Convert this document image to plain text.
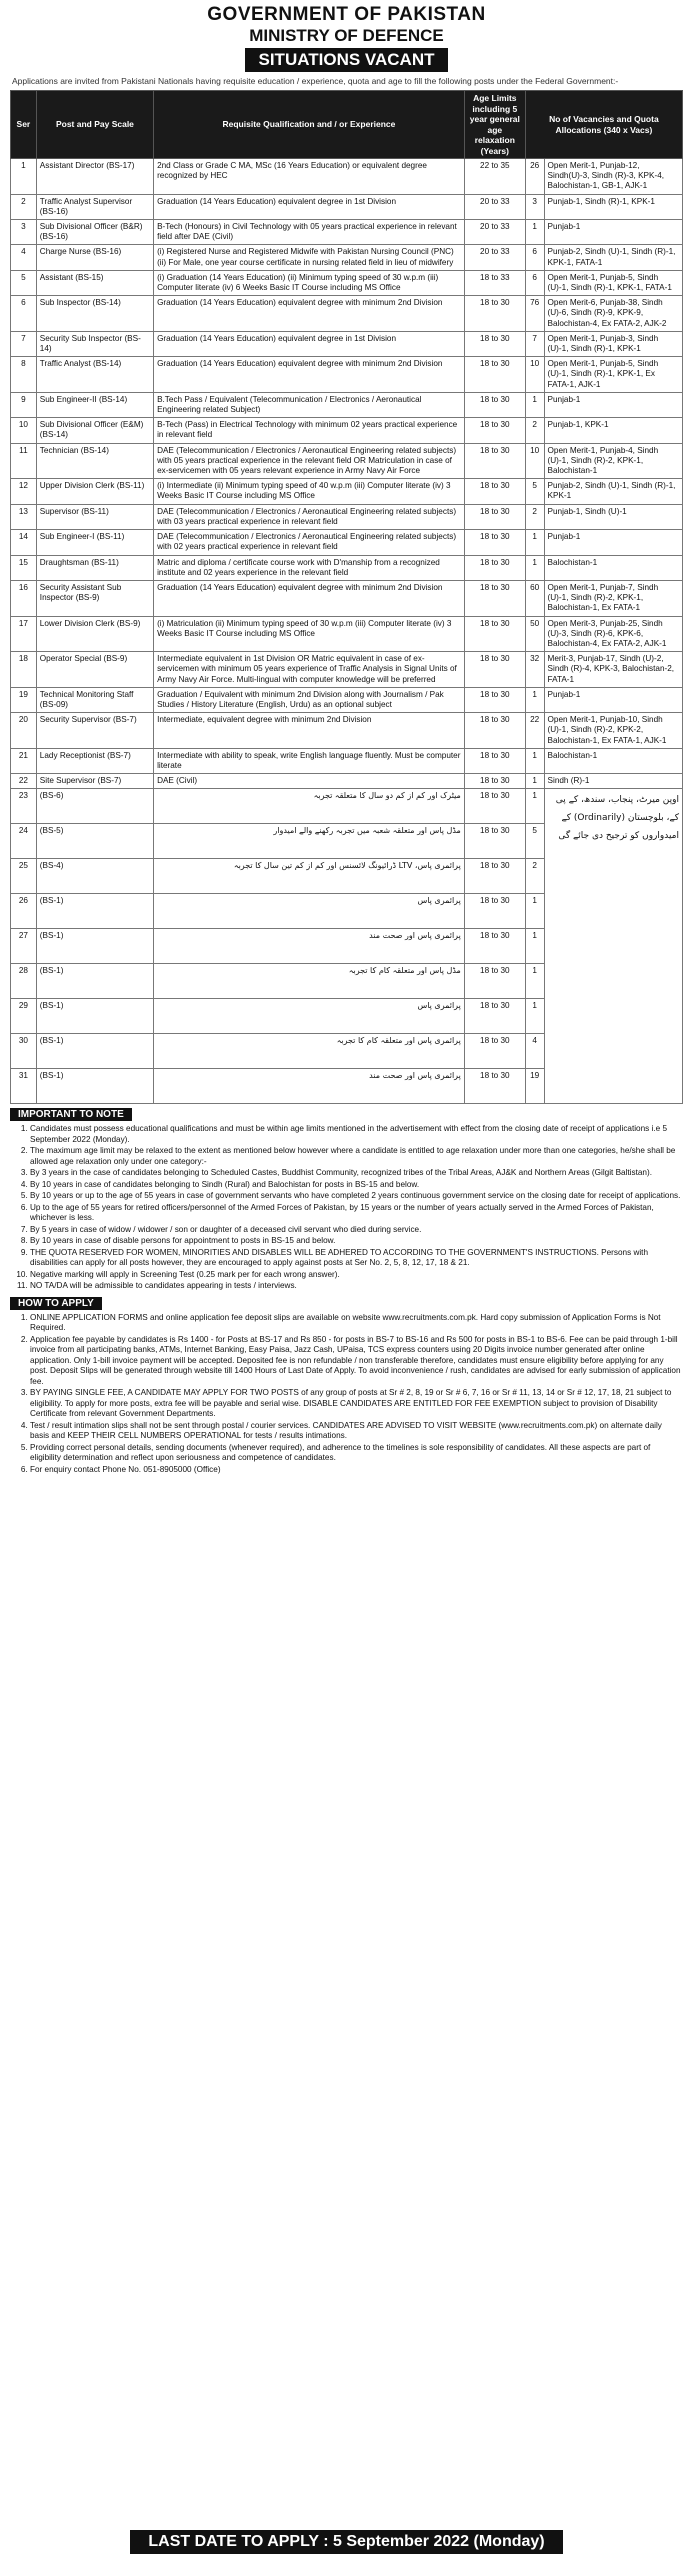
GOVERNMENT OF PAKISTAN
MINISTRY OF DEFENCE
SITUATIONS VACANT
Applications are invited from Pakistani Nationals having requisite education / experience, quota and age to fill the following posts under the Federal Government:-
Ser	Post and Pay Scale	Requisite Qualification and / or Experience	Age Limits including 5 year general age relaxation (Years)	No of Vacancies and Quota Allocations (340 x Vacs)	
1	Assistant Director (BS-17)	2nd Class or Grade C MA, MSc (16 Years Education) or equivalent degree recognized by HEC	22 to 35	26	Open Merit-1, Punjab-12, Sindh(U)-3, Sindh (R)-3, KPK-4, Balochistan-1, GB-1, AJK-1
2	Traffic Analyst Supervisor (BS-16)	Graduation (14 Years Education) equivalent degree in 1st Division	20 to 33	3	Punjab-1, Sindh (R)-1, KPK-1
3	Sub Divisional Officer (B&R) (BS-16)	B-Tech (Honours) in Civil Technology with 05 years practical experience in relevant field after DAE (Civil)	20 to 33	1	Punjab-1
4	Charge Nurse (BS-16)	(i) Registered Nurse and Registered Midwife with Pakistan Nursing Council (PNC) (ii) For Male, one year course certificate in nursing related field in lieu of midwifery	20 to 33	6	Punjab-2, Sindh (U)-1, Sindh (R)-1, KPK-1, FATA-1
5	Assistant (BS-15)	(i) Graduation (14 Years Education) (ii) Minimum typing speed of 30 w.p.m (iii) Computer literate (iv) 6 Weeks Basic IT Course including MS Office	18 to 33	6	Open Merit-1, Punjab-5, Sindh (U)-1, Sindh (R)-1, KPK-1, FATA-1
6	Sub Inspector (BS-14)	Graduation (14 Years Education) equivalent degree with minimum 2nd Division	18 to 30	76	Open Merit-6, Punjab-38, Sindh (U)-6, Sindh (R)-9, KPK-9, Balochistan-4, Ex FATA-2, AJK-2
7	Security Sub Inspector (BS-14)	Graduation (14 Years Education) equivalent degree in 1st Division	18 to 30	7	Open Merit-1, Punjab-3, Sindh (U)-1, Sindh (R)-1, KPK-1
8	Traffic Analyst (BS-14)	Graduation (14 Years Education) equivalent degree with minimum 2nd Division	18 to 30	10	Open Merit-1, Punjab-5, Sindh (U)-1, Sindh (R)-1, KPK-1, Ex FATA-1, AJK-1
9	Sub Engineer-II (BS-14)	B.Tech Pass / Equivalent (Telecommunication / Electronics / Aeronautical Engineering related Subject)	18 to 30	1	Punjab-1
10	Sub Divisional Officer (E&M) (BS-14)	B-Tech (Pass) in Electrical Technology with minimum 02 years practical experience in relevant field	18 to 30	2	Punjab-1, KPK-1
11	Technician (BS-14)	DAE (Telecommunication / Electronics / Aeronautical Engineering related subjects) with 05 years practical experience in the relevant field OR Matriculation in case of ex-servicemen with 05 years relevant experience in Army Navy Air Force	18 to 30	10	Open Merit-1, Punjab-4, Sindh (U)-1, Sindh (R)-2, KPK-1, Balochistan-1
12	Upper Division Clerk (BS-11)	(i) Intermediate (ii) Minimum typing speed of 40 w.p.m (iii) Computer literate (iv) 3 Weeks Basic IT Course including MS Office	18 to 30	5	Punjab-2, Sindh (U)-1, Sindh (R)-1, KPK-1
13	Supervisor (BS-11)	DAE (Telecommunication / Electronics / Aeronautical Engineering related subjects) with 03 years practical experience in relevant field	18 to 30	2	Punjab-1, Sindh (U)-1
14	Sub Engineer-I (BS-11)	DAE (Telecommunication / Electronics / Aeronautical Engineering related subjects) with 02 years practical experience in relevant field	18 to 30	1	Punjab-1
15	Draughtsman (BS-11)	Matric and diploma / certificate course work with D'manship from a recognized institute and 02 years experience in the relevant field	18 to 30	1	Balochistan-1
16	Security Assistant Sub Inspector (BS-9)	Graduation (14 Years Education) equivalent degree with minimum 2nd Division	18 to 30	60	Open Merit-1, Punjab-7, Sindh (U)-1, Sindh (R)-2, KPK-1, Balochistan-1, Ex FATA-1
17	Lower Division Clerk (BS-9)	(i) Matriculation (ii) Minimum typing speed of 30 w.p.m (iii) Computer literate (iv) 3 Weeks Basic IT Course including MS Office	18 to 30	50	Open Merit-3, Punjab-25, Sindh (U)-3, Sindh (R)-6, KPK-6, Balochistan-4, Ex FATA-2, AJK-1
18	Operator Special (BS-9)	Intermediate equivalent in 1st Division OR Matric equivalent in case of ex-servicemen with minimum 05 years experience of Traffic Analysis in Signal Units of Army Navy Air Force. Multi-lingual with computer knowledge will be preferred	18 to 30	32	Merit-3, Punjab-17, Sindh (U)-2, Sindh (R)-4, KPK-3, Balochistan-2, FATA-1
19	Technical Monitoring Staff (BS-09)	Graduation / Equivalent with minimum 2nd Division along with Journalism / Pak Studies / History Literature (English, Urdu) as an optional subject	18 to 30	1	Punjab-1
20	Security Supervisor (BS-7)	Intermediate, equivalent degree with minimum 2nd Division	18 to 30	22	Open Merit-1, Punjab-10, Sindh (U)-1, Sindh (R)-2, KPK-2, Balochistan-1, Ex FATA-1, AJK-1
21	Lady Receptionist (BS-7)	Intermediate with ability to speak, write English language fluently. Must be computer literate	18 to 30	1	Balochistan-1
22	Site Supervisor (BS-7)	DAE (Civil)	18 to 30	1	Sindh (R)-1
23	(BS-6)	میٹرک اور کم از کم دو سال کا متعلقہ تجربہ	18 to 30	1	اوپن میرٹ، پنجاب، سندھ، کے پی کے، بلوچستان (Ordinarily) کے امیدواروں کو ترجیح دی جائے گی
24	(BS-5)	مڈل پاس اور متعلقہ شعبہ میں تجربہ رکھنے والے امیدوار	18 to 30	5	
25	(BS-4)	پرائمری پاس، LTV ڈرائیونگ لائسنس اور کم از کم تین سال کا تجربہ	18 to 30	2	
26	(BS-1)	پرائمری پاس	18 to 30	1	
27	(BS-1)	پرائمری پاس اور صحت مند	18 to 30	1	
28	(BS-1)	مڈل پاس اور متعلقہ کام کا تجربہ	18 to 30	1	
29	(BS-1)	پرائمری پاس	18 to 30	1	
30	(BS-1)	پرائمری پاس اور متعلقہ کام کا تجربہ	18 to 30	4	
31	(BS-1)	پرائمری پاس اور صحت مند	18 to 30	19	
IMPORTANT TO NOTE
1. Candidates must possess educational qualifications and must be within age limits mentioned in the advertisement with effect from the closing date of receipt of applications i.e 5 September 2022 (Monday).
2. The maximum age limit may be relaxed to the extent as mentioned below however where a candidate is entitled to age relaxation under more than one categories, he/she shall be allowed age relaxation only under one category:-
3. By 3 years in the case of candidates belonging to Scheduled Castes, Buddhist Community, recognized tribes of the Tribal Areas, AJ&K and Northern Areas (Gilgit Baltistan).
4. By 10 years in case of candidates belonging to Sindh (Rural) and Balochistan for posts in BS-15 and below.
5. By 10 years or up to the age of 55 years in case of government servants who have completed 2 years continuous government service on the closing date for receipt of applications.
6. Up to the age of 55 years for retired officers/personnel of the Armed Forces of Pakistan, by 15 years or the number of years actually served in the Armed Forces of Pakistan, whichever is less.
7. By 5 years in case of widow / widower / son or daughter of a deceased civil servant who died during service.
8. By 10 years in case of disable persons for appointment to posts in BS-15 and below.
9. THE QUOTA RESERVED FOR WOMEN, MINORITIES AND DISABLES WILL BE ADHERED TO ACCORDING TO THE GOVERNMENT'S INSTRUCTIONS. Persons with disabilities can apply for all posts however, they are encouraged to apply against posts at Ser No. 2, 5, 8, 12, 17, 18 & 21.
10. Negative marking will apply in Screening Test (0.25 mark per for each wrong answer).
11. NO TA/DA will be admissible to candidates appearing in tests / interviews.
HOW TO APPLY
1. ONLINE APPLICATION FORMS and online application fee deposit slips are available on website www.recruitments.com.pk. Hard copy submission of Application Forms is Not Required.
2. Application fee payable by candidates is Rs 1400 - for Posts at BS-17 and Rs 850 - for posts in BS-7 to BS-16 and Rs 500 for posts in BS-1 to BS-6. Fee can be paid through 1-bill invoice from all participating banks, ATMs, Internet Banking, Easy Paisa, Jazz Cash, UPaisa, TCS express counters using 20 Digits invoice number generated after online application. Only 1-bill invoice payment will be accepted. Deposited fee is non refundable / non transferable therefore, candidates must ensure eligibility before applying for any post. Deposit Slips will be generated through website till 1400 Hours of Last Date of Apply. To avoid inconvenience / rush, candidates are advised for early submission of application fee.
3. BY PAYING SINGLE FEE, A CANDIDATE MAY APPLY FOR TWO POSTS of any group of posts at Sr # 2, 8, 19 or Sr # 6, 7, 16 or Sr # 11, 13, 14 or Sr # 12, 17, 18, 21 subject to eligibility. To apply for more posts, extra fee will be payable and serial wise. DISABLE CANDIDATES ARE ENTITLED FOR FEE EXEMPTION subject to provision of Disability Certificate from relevant Government Departments.
4. Test / result intimation slips shall not be sent through postal / courier services. CANDIDATES ARE ADVISED TO VISIT WEBSITE (www.recruitments.com.pk) on alternate daily basis and KEEP THEIR CELL NUMBERS OPERATIONAL for tests / results intimations.
5. Providing correct personal details, sending documents (whenever required), and adherence to the timelines is sole responsibility of candidates. All these aspects are part of eligibility determination and reflect upon seriousness and competence of candidates.
6. For enquiry contact Phone No. 051-8905000 (Office)
LAST DATE TO APPLY : 5 September 2022 (Monday)
